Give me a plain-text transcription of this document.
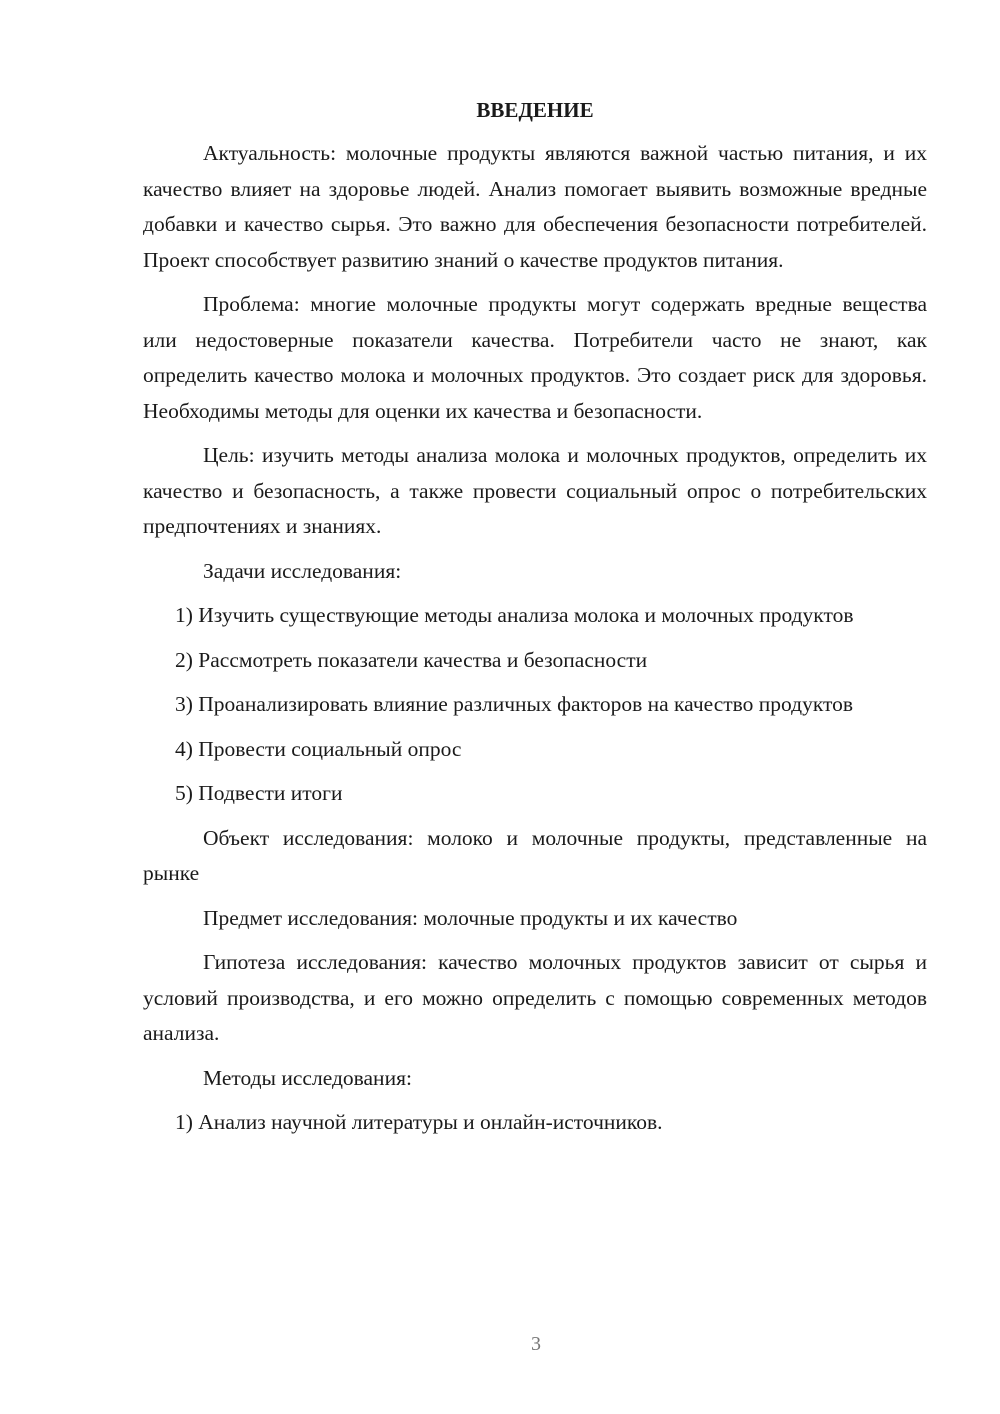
ВВЕДЕНИЕ

Актуальность: молочные продукты являются важной частью питания, и их качество влияет на здоровье людей. Анализ помогает выявить возможные вредные добавки и качество сырья. Это важно для обеспечения безопасности потребителей. Проект способствует развитию знаний о качестве продуктов питания.

Проблема: многие молочные продукты могут содержать вредные вещества или недостоверные показатели качества. Потребители часто не знают, как определить качество молока и молочных продуктов. Это создает риск для здоровья. Необходимы методы для оценки их качества и безопасности.

Цель: изучить методы анализа молока и молочных продуктов, определить их качество и безопасность, а также провести социальный опрос о потребительских предпочтениях и знаниях.

Задачи исследования:

1) Изучить существующие методы анализа молока и молочных продуктов

2) Рассмотреть показатели качества и безопасности

3) Проанализировать влияние различных факторов на качество продуктов

4) Провести социальный опрос

5) Подвести итоги

Объект исследования: молоко и молочные продукты, представленные на рынке

Предмет исследования: молочные продукты и их качество

Гипотеза исследования: качество молочных продуктов зависит от сырья и условий производства, и его можно определить с помощью современных методов анализа.

Методы исследования:

1) Анализ научной литературы и онлайн-источников.

3
